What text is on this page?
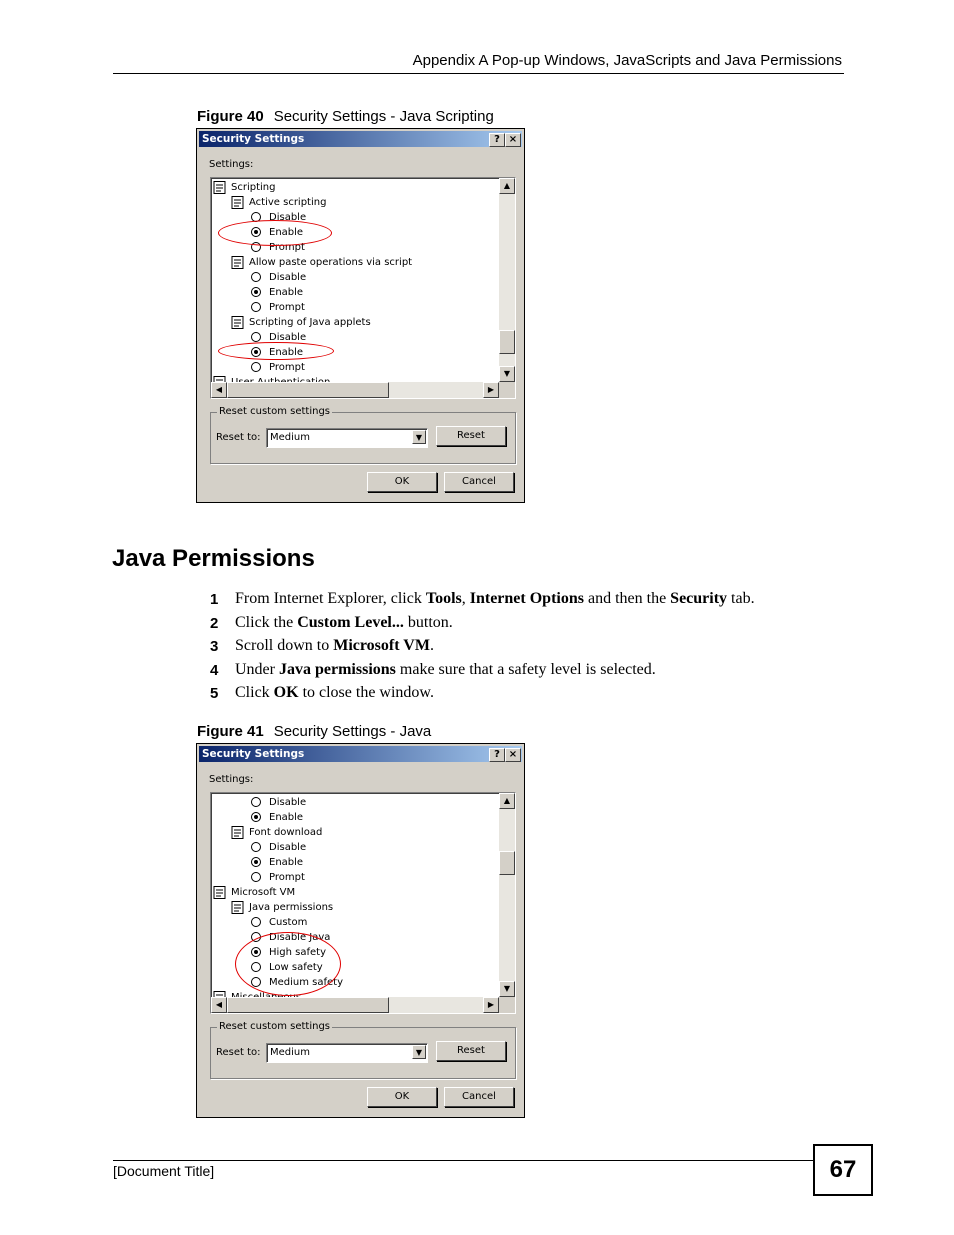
Appendix A Pop-up Windows, JavaScripts and Java Permissions
Figure 40 Security Settings - Java Scripting
Security Settings	? ×
Settings:
Scripting
Active scripting
Disable
Enable
Prompt
Allow paste operations via script
Disable
Enable
Prompt
Scripting of Java applets
Disable
Enable
Prompt
▲
▼
◀	▶
Reset custom settings
Reset to: Medium	▼	Reset
OK	Cancel
Java Permissions
1	From Internet Explorer, click Tools, Internet Options and then the Security tab.
2	Click the Custom Level... button.
3	Scroll down to Microsoft VM.
4	Under Java permissions make sure that a safety level is selected.
5	Click OK to close the window.
Figure 41 Security Settings - Java
Security Settings	? ×
Settings:
Disable
Enable
Font download
Disable
Enable
Prompt
Microsoft VM
Java permissions
Custom
Disable Java
High safety
Low safety
Medium safety
▲
▼
◀	▶
Reset custom settings
Reset to: Medium	▼	Reset
OK	Cancel
[Document Title]	67
